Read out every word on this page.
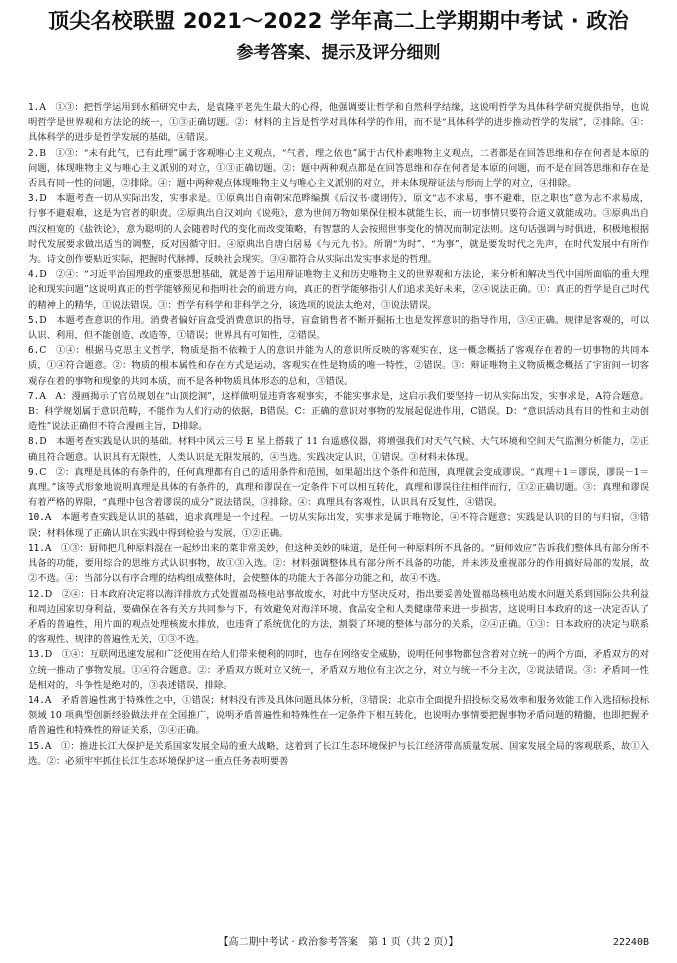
顶尖名校联盟 2021～2022 学年高二上学期期中考试 · 政治
参考答案、提示及评分细则

1.A　①③：把哲学运用到水稻研究中去，是袁隆平老先生最大的心得，他强调要让哲学和自然科学结缘，这说明哲学为具体科学研究提供指导，也说明哲学是世界观和方法论的统一，①③正确切题。②：材料的主旨是哲学对具体科学的作用，而不是“具体科学的进步推动哲学的发展”，②排除。④：具体科学的进步是哲学发展的基础，④错误。

2.B　①③：“未有此气，已有此理”属于客观唯心主义观点，“气者，理之依也”属于古代朴素唯物主义观点，二者都是在回答思维和存在何者是本原的问题，体现唯物主义与唯心主义派别的对立，①③正确切题。②：题中两种观点都是在回答思维和存在何者是本原的问题，而不是在回答思维和存在是否具有同一性的问题，②排除。④：题中两种观点体现唯物主义与唯心主义派别的对立，并未体现辩证法与形而上学的对立，④排除。

3.D　本题考查一切从实际出发，实事求是。①原典出自南朝宋范晔编撰《后汉书·虞诩传》，原文“志不求易，事不避难，臣之职也”意为志不求易成，行事不避艰难，这是为官者的职责。②原典出自汉刘向《说苑》，意为世间万物如果保住根本就能生长，而一切事情只要符合道义就能成功。③原典出自西汉桓宽的《盐铁论》，意为聪明的人会随着时代的变化而改变策略，有智慧的人会按照世事变化的情况而制定法则。这句话强调与时俱进，积极地根据时代发展要求做出适当的调整，反对因循守旧。④原典出自唐白居易《与元九书》。所谓“为时”、“为事”，就是要发时代之先声，在时代发展中有所作为。诗文创作要贴近实际，把握时代脉搏、反映社会现实。③④都符合从实际出发实事求是的哲理。

4.D　②④：“习近平治国理政的重要思想基础，就是善于运用辩证唯物主义和历史唯物主义的世界观和方法论，来分析和解决当代中国所面临的重大理论和现实问题”这说明真正的哲学能够预见和指明社会的前进方向，真正的哲学能够指引人们追求美好未来，②④说法正确。①：真正的哲学是自己时代的精神上的精华，①说法错误。③：哲学有科学和非科学之分，该选项的说法太绝对，③说法错误。

5.D　本题考查意识的作用。消费者偏好盲盒受消费意识的指导，盲盒销售者不断开掘拓土也是发挥意识的指导作用，③④正确。规律是客观的，可以认识、利用，但不能创造、改造等，①错误；世界具有可知性，②错误。

6.C　①④：根据马克思主义哲学，物质是指不依赖于人的意识并能为人的意识所反映的客观实在，这一概念概括了客观存在着的一切事物的共同本质，①④符合题意。②：物质的根本属性和存在方式是运动，客观实在性是物质的唯一特性，②错误。③：辩证唯物主义物质概念概括了宇宙间一切客观存在着的事物和现象的共同本质，而不是各种物质具体形态的总和，③错误。

7.A　A：漫画揭示了官员规划在“山顶挖洞”，这样做明显违背客观事实，不能实事求是，这启示我们要坚持一切从实际出发，实事求是，A符合题意。B：科学规划属于意识范畴，不能作为人们行动的依据，B错误。C：正确的意识对事物的发展起促进作用，C错误。D：“意识活动具有目的性和主动创造性”说法正确但不符合漫画主旨，D排除。

8.D　本题考查实践是认识的基础。材料中风云三号 E 星上搭载了 11 台遥感仪器，将增强我们对天气气候、大气环境和空间天气监测分析能力，②正确且符合题意。认识具有无限性，人类认识是无限发展的，④当选。实践决定认识，①错误。③材料未体现。

9.C　②：真理是具体的有条件的，任何真理都有自己的适用条件和范围，如果超出这个条件和范围，真理就会变成谬误。“真理＋1＝谬误，谬误－1＝真理。”该等式形象地说明真理是具体的有条件的，真理和谬误在一定条件下可以相互转化，真理和谬误往往相伴而行，①②正确切题。③：真理和谬误有着严格的界限，“真理中包含着谬误的成分”说法错误，③排除。④：真理具有客观性，认识具有反复性，④错误。

10.A　本题考查实践是认识的基础，追求真理是一个过程。一切从实际出发，实事求是属于唯物论，④不符合题意；实践是认识的目的与归宿，③错误；材料体现了正确认识在实践中得到检验与发展，①②正确。

11.A　①③：厨师把几种原料混在一起炒出来的菜非常美妙，但这种美妙的味道，是任何一种原料所不具备的。“厨师效应”告诉我们整体具有部分所不具备的功能，要用综合的思维方式认识事物，故①③入选。②：材料强调整体具有部分所不具备的功能，并未涉及重视部分的作用搞好局部的发展，故②不选。④：当部分以有序合理的结构组成整体时，会使整体的功能大于各部分功能之和，故④不选。

12.D　②④：日本政府决定将以海洋排放方式处置福岛核电站事故废水，对此中方坚决反对，指出要妥善处置福岛核电站废水问题关系到国际公共利益和周边国家切身利益，要确保在各有关方共同参与下，有效避免对海洋环境、食品安全和人类健康带来进一步损害，这说明日本政府的这一决定否认了矛盾的普遍性，用片面的观点处理核废水排放，也违背了系统优化的方法，割裂了环境的整体与部分的关系，②④正确。①③：日本政府的决定与联系的客观性、规律的普遍性无关，①③不选。

13.D　①④：互联网迅速发展和广泛使用在给人们带来便利的同时，也存在网络安全威胁，说明任何事物都包含着对立统一的两个方面，矛盾双方的对立统一推动了事物发展。①④符合题意。②：矛盾双方既对立又统一，矛盾双方地位有主次之分，对立与统一不分主次，②说法错误。③：矛盾同一性是相对的，斗争性是绝对的，③表述错误，排除。

14.A　矛盾普遍性寓于特殊性之中，①错误；材料没有涉及具体问题具体分析，③错误；北京市全面提升招投标交易效率和服务效能工作入选招标投标领域 10 项典型创新经验做法并在全国推广，说明矛盾普遍性和特殊性在一定条件下相互转化，也说明办事情要把握事物矛盾问题的精髓，也即把握矛盾普遍性和特殊性的辩证关系，②④正确。

15.A　①：推进长江大保护是关系国家发展全局的重大战略，这着到了长江生态环境保护与长江经济带高质量发展、国家发展全局的客观联系，故①入选。②：必须牢牢抓住长江生态环境保护这一重点任务表明要善

【高二期中考试 · 政治参考答案　第 1 页（共 2 页）】	22240B
